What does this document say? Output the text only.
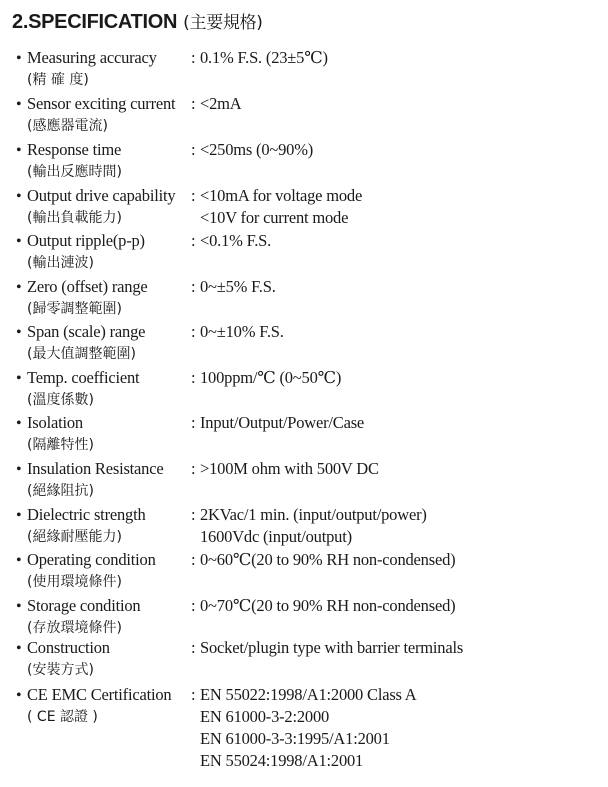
2.SPECIFICATION (主要規格)
• Measuring accuracy
(精 確 度)
: 0.1% F.S. (23±5℃)
• Sensor exciting current
(感應器電流)
: <2mA
• Response time
(輸出反應時間)
: <250ms (0~90%)
• Output drive capability
(輸出負載能力)
: <10mA for voltage mode
<10V for current mode
• Output ripple(p-p)
(輸出漣波)
: <0.1% F.S.
• Zero (offset) range
(歸零調整範圍)
: 0~±5% F.S.
• Span (scale) range
(最大值調整範圍)
: 0~±10% F.S.
• Temp. coefficient
(溫度係數)
: 100ppm/℃ (0~50℃)
• Isolation
(隔離特性)
: Input/Output/Power/Case
• Insulation Resistance
(絕緣阻抗)
: >100M ohm with 500V DC
• Dielectric strength
(絕緣耐壓能力)
: 2KVac/1 min. (input/output/power)
1600Vdc (input/output)
• Operating condition
(使用環境條件)
: 0~60℃(20 to 90% RH non-condensed)
• Storage condition
(存放環境條件)
: 0~70℃(20 to 90% RH non-condensed)
• Construction
(安裝方式)
: Socket/plugin type with barrier terminals
• CE EMC Certification
( CE 認證 )
: EN 55022:1998/A1:2000 Class A
EN 61000-3-2:2000
EN 61000-3-3:1995/A1:2001
EN 55024:1998/A1:2001
